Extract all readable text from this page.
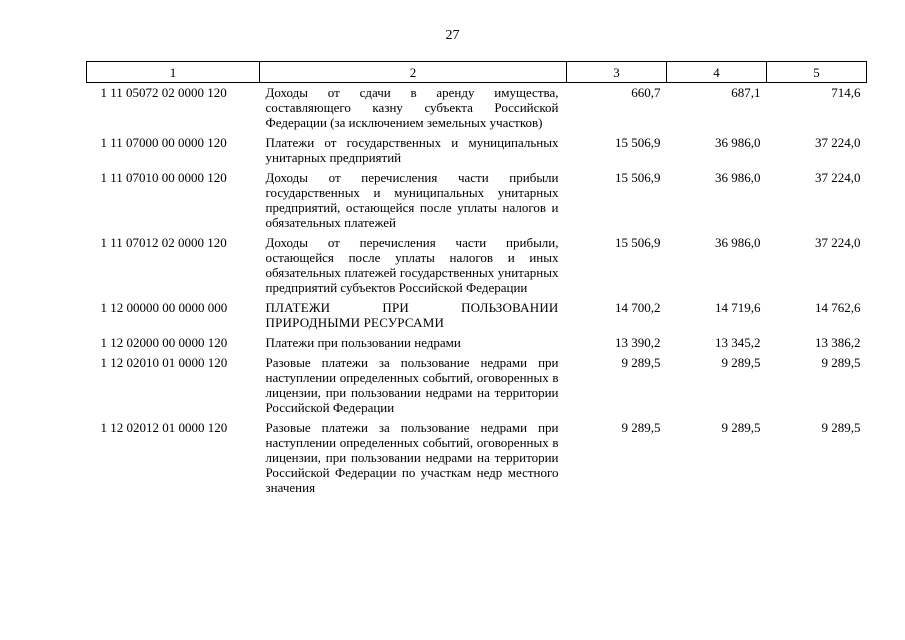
27
1	2	3	4	5
1 11 05072 02 0000 120	Доходы от сдачи в аренду имущества, составляющего казну субъекта Российской Федерации (за исключением земельных участков)	660,7	687,1	714,6
1 11 07000 00 0000 120	Платежи от государственных и муниципальных унитарных предприятий	15 506,9	36 986,0	37 224,0
1 11 07010 00 0000 120	Доходы от перечисления части прибыли государственных и муниципальных унитарных предприятий, остающейся после уплаты налогов и обязательных платежей	15 506,9	36 986,0	37 224,0
1 11 07012 02 0000 120	Доходы от перечисления части прибыли, остающейся после уплаты налогов и иных обязательных платежей государственных унитарных предприятий субъектов Российской Федерации	15 506,9	36 986,0	37 224,0
1 12 00000 00 0000 000	ПЛАТЕЖИ ПРИ ПОЛЬЗОВАНИИ ПРИРОДНЫМИ РЕСУРСАМИ	14 700,2	14 719,6	14 762,6
1 12 02000 00 0000 120	Платежи при пользовании недрами	13 390,2	13 345,2	13 386,2
1 12 02010 01 0000 120	Разовые платежи за пользование недрами при наступлении определенных событий, оговоренных в лицензии, при пользовании недрами на территории Российской Федерации	9 289,5	9 289,5	9 289,5
1 12 02012 01 0000 120	Разовые платежи за пользование недрами при наступлении определенных событий, оговоренных в лицензии, при пользовании недрами на территории Российской Федерации по участкам недр местного значения	9 289,5	9 289,5	9 289,5
